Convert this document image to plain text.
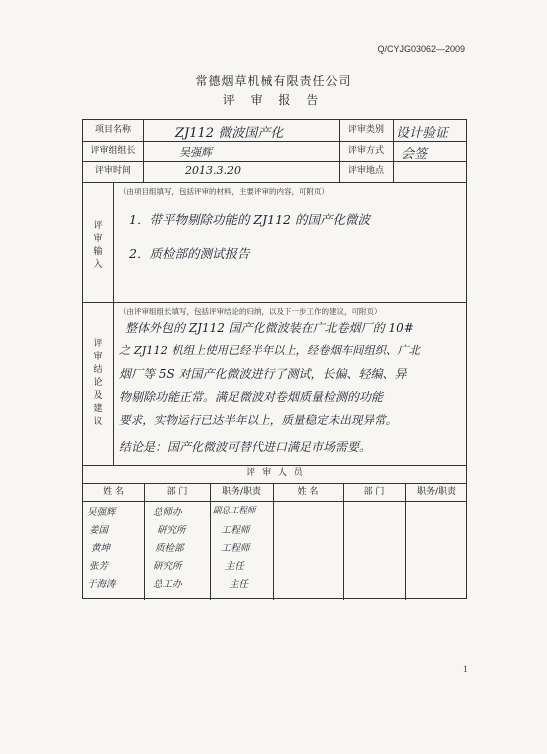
Q/CYJG03062—2009
常德烟草机械有限责任公司
评 审 报 告
项目名称	ZJ112 微波国产化	评审类别 设计验证
评审组组长	吴强辉	评审方式	会签
评审时间	2013.3.20	评审地点
评审输入
（由项目组填写，包括评审的材料，主要评审的内容，可附页）
1．带平物剔除功能的 ZJ112 的国产化微波
2．质检部的测试报告
评审结论及建议
（由评审组组长填写，包括评审结论的归纳，以及下一步工作的建议，可附页）
整体外包的 ZJ112 国产化微波装在广北卷烟厂的 10#
之 ZJ112 机组上使用已经半年以上，经卷烟车间组织、广北
烟厂等 5S 对国产化微波进行了测试，长偏、轻编、异
物剔除功能正常。满足微波对卷烟质量检测的功能
要求，实物运行已达半年以上，质量稳定未出现异常。
结论是：国产化微波可替代进口满足市场需要。
评 审 人 员
姓 名	部 门	职务/职责	姓 名	部 门	职务/职责
吴强辉	总师办	副总工程师
姜国	研究所	工程师
黄坤	质检部	工程师
张芳	研究所	主任
于海涛	总工办	主任
1
